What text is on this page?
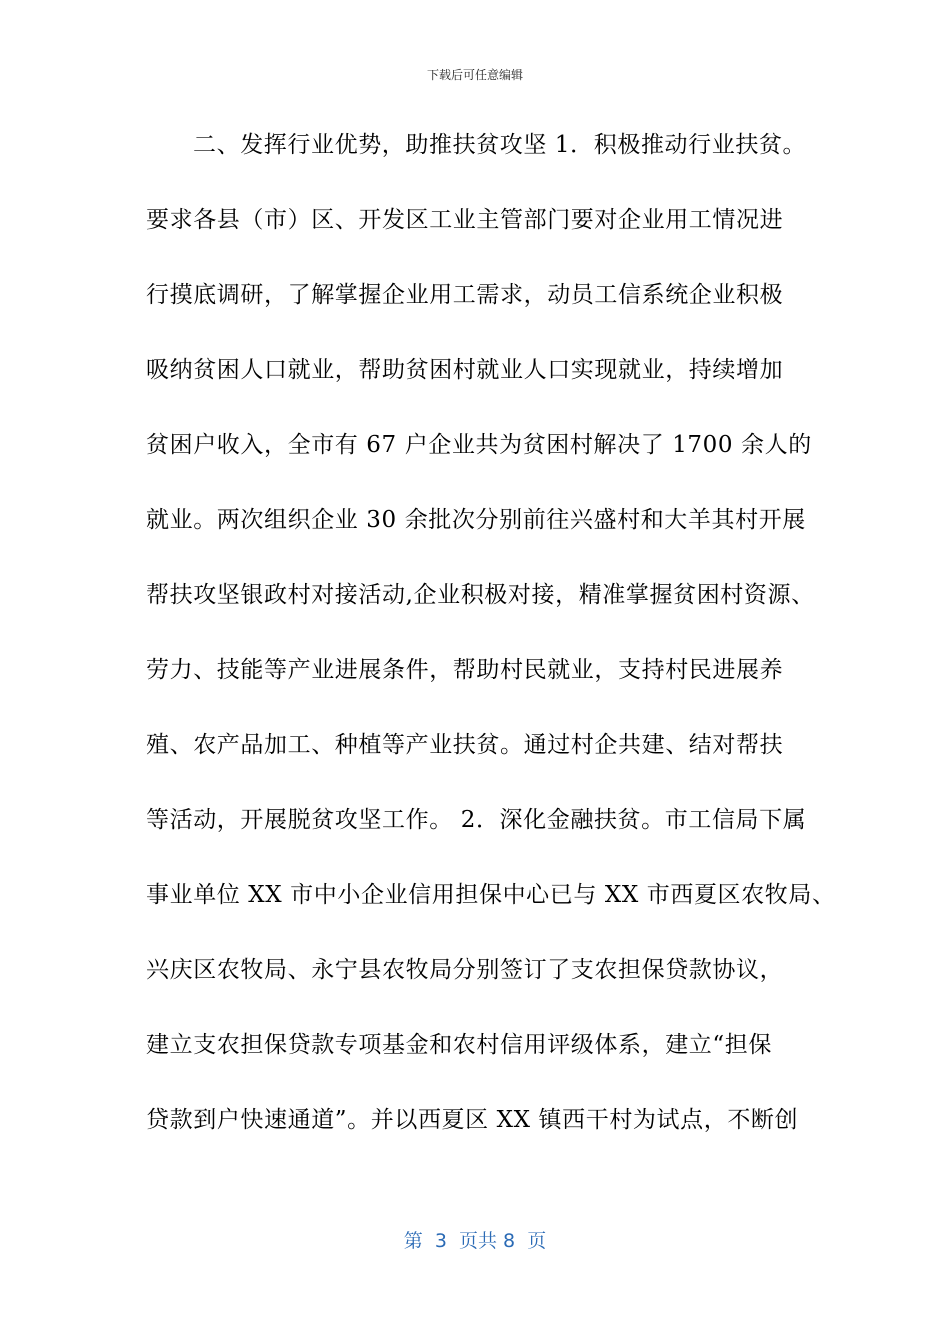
下载后可任意编辑
二、发挥行业优势，助推扶贫攻坚 1．积极推动行业扶贫。
要求各县（市）区、开发区工业主管部门要对企业用工情况进
行摸底调研，了解掌握企业用工需求，动员工信系统企业积极
吸纳贫困人口就业，帮助贫困村就业人口实现就业，持续增加
贫困户收入，全市有 67 户企业共为贫困村解决了 1700 余人的
就业。两次组织企业 30 余批次分别前往兴盛村和大羊其村开展
帮扶攻坚银政村对接活动,企业积极对接，精准掌握贫困村资源、
劳力、技能等产业进展条件，帮助村民就业，支持村民进展养
殖、农产品加工、种植等产业扶贫。通过村企共建、结对帮扶
等活动，开展脱贫攻坚工作。 2．深化金融扶贫。市工信局下属
事业单位 XX 市中小企业信用担保中心已与 XX 市西夏区农牧局、
兴庆区农牧局、永宁县农牧局分别签订了支农担保贷款协议，
建立支农担保贷款专项基金和农村信用评级体系，建立“担保
贷款到户快速通道”。并以西夏区 XX 镇西干村为试点，不断创
第  3  页共 8  页
